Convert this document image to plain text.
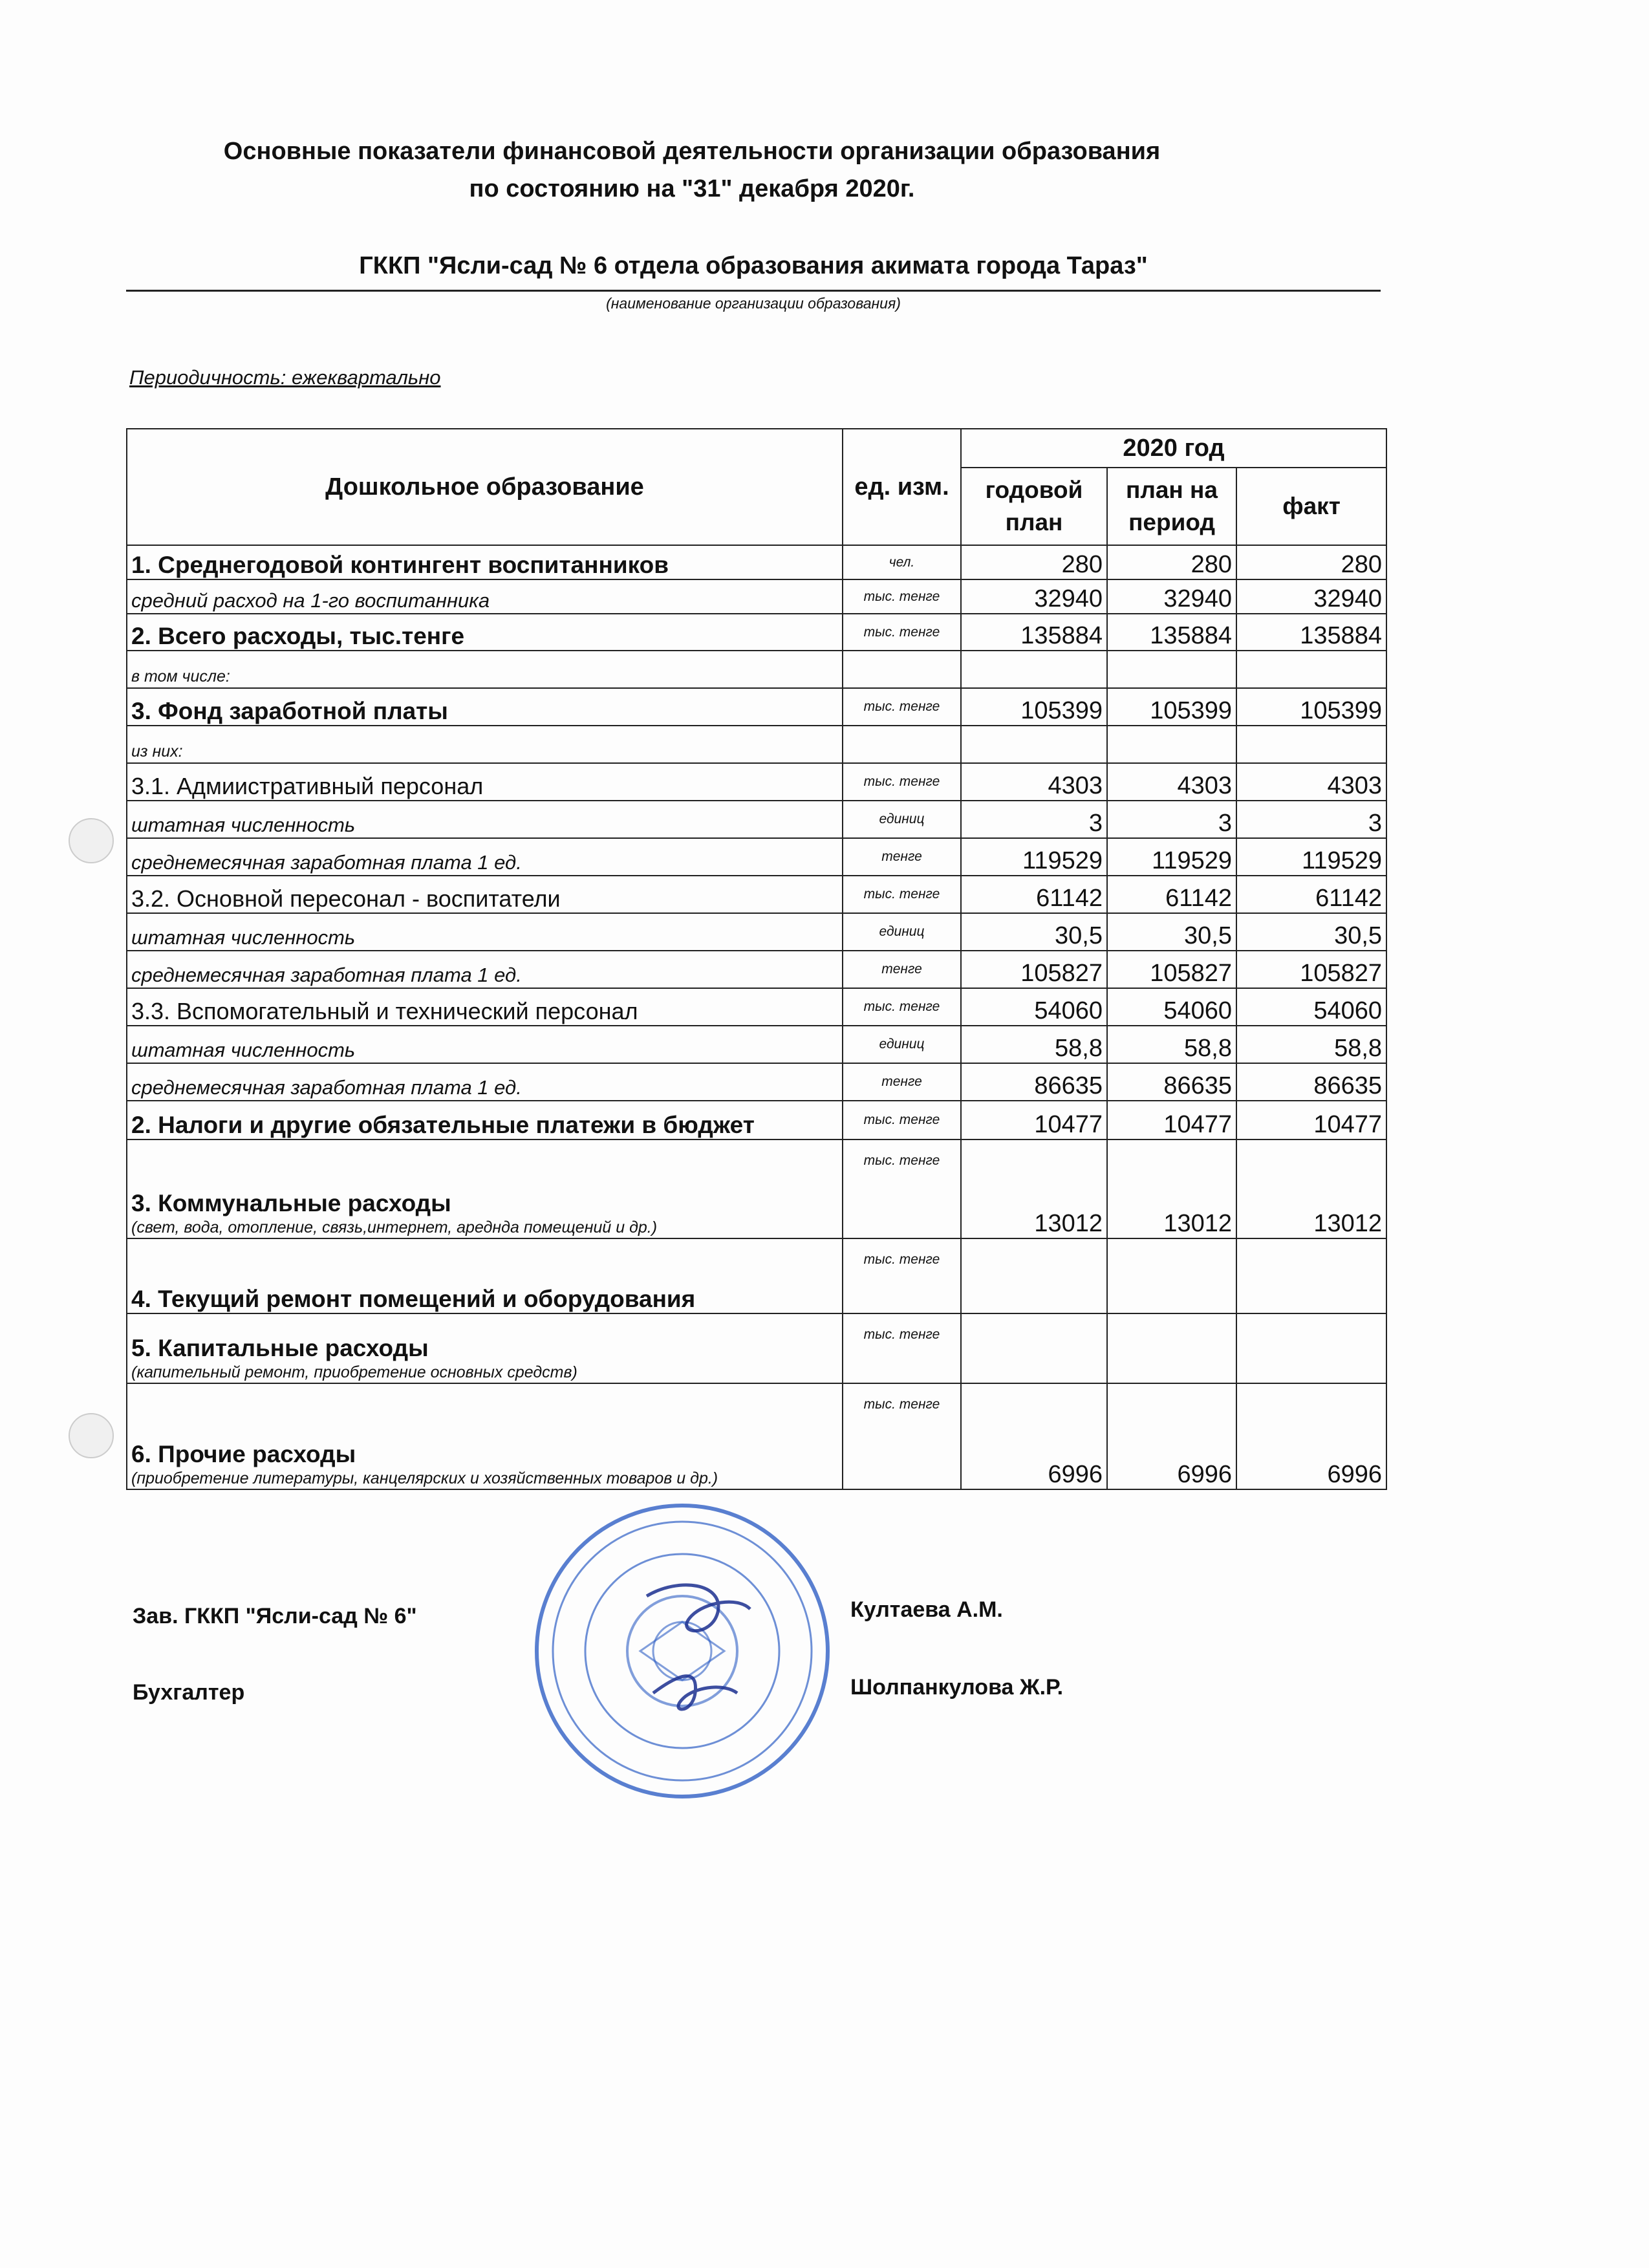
Основные показатели финансовой деятельности организации образования
по состоянию на "31" декабря 2020г.
ГККП "Ясли-сад № 6 отдела образования акимата города Тараз"
(наименование организации образования)
Периодичность: ежеквартально
Дошкольное образование	ед. изм.	2020 год		
		годовой план	план на период	факт
1. Среднегодовой контингент воспитанников	чел.	280	280	280
средний расход на 1-го воспитанника	тыс. тенге	32940	32940	32940
2. Всего расходы, тыс.тенге	тыс. тенге	135884	135884	135884
в том числе:				
3. Фонд заработной платы	тыс. тенге	105399	105399	105399
из них:				
3.1. Адмиистративный персонал	тыс. тенге	4303	4303	4303
штатная численность	единиц	3	3	3
среднемесячная заработная плата 1 ед.	тенге	119529	119529	119529
3.2. Основной пересонал - воспитатели	тыс. тенге	61142	61142	61142
штатная численность	единиц	30,5	30,5	30,5
среднемесячная заработная плата 1 ед.	тенге	105827	105827	105827
3.3. Вспомогательный и технический персонал	тыс. тенге	54060	54060	54060
штатная численность	единиц	58,8	58,8	58,8
среднемесячная заработная плата 1 ед.	тенге	86635	86635	86635
2. Налоги и другие обязательные платежи в бюджет	тыс. тенге	10477	10477	10477
3. Коммунальные расходы
(свет, вода, отопление, связь,интернет, аредндa помещений и др.)	тыс. тенге	13012	13012	13012
4. Текущий ремонт помещений и оборудования	тыс. тенге			
5. Капитальные расходы
(капительный ремонт, приобретение основных средств)	тыс. тенге			
6. Прочие расходы
(приобретение литературы, канцелярских и хозяйственных товаров и др.)	тыс. тенге	6996	6996	6996
Зав. ГККП "Ясли-сад № 6"	Култаева А.М.
Бухгалтер	Шолпанкулова Ж.Р.
